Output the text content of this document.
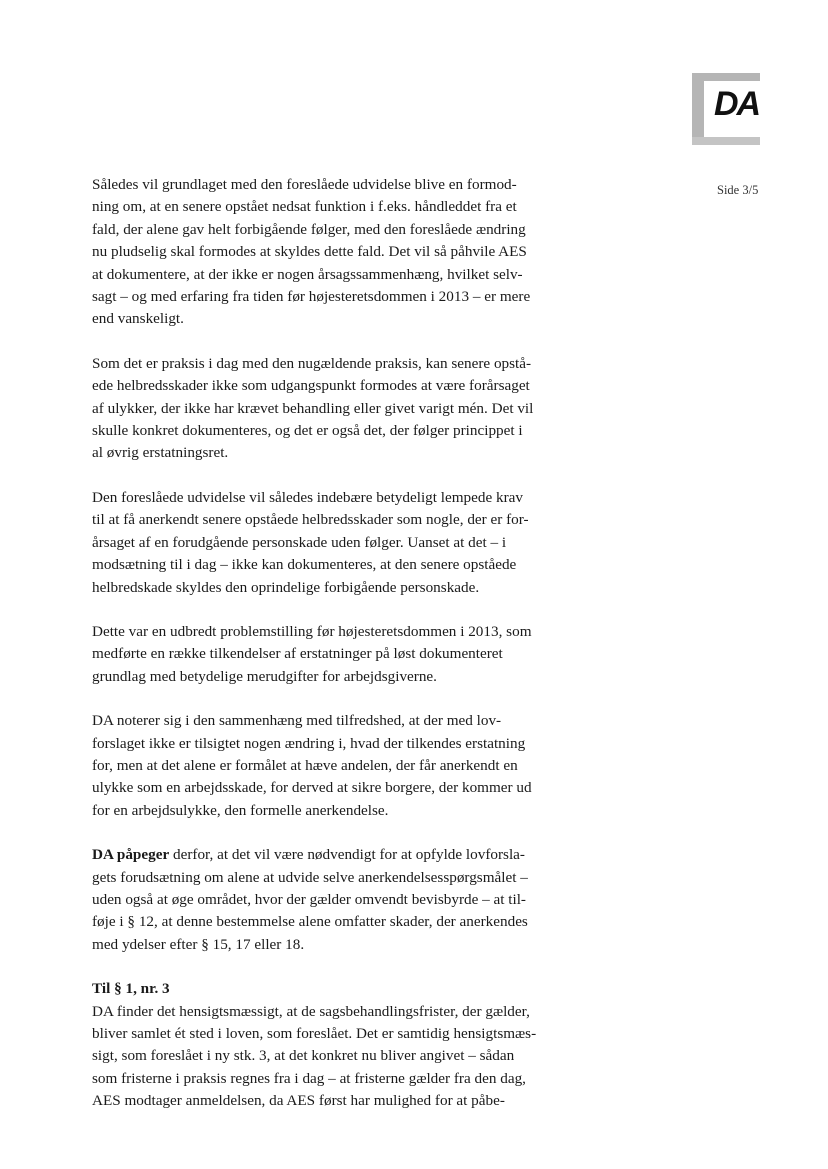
DA
Side 3/5

Således vil grundlaget med den foreslåede udvidelse blive en formod-
ning om, at en senere opstået nedsat funktion i f.eks. håndleddet fra et
fald, der alene gav helt forbigående følger, med den foreslåede ændring
nu pludselig skal formodes at skyldes dette fald. Det vil så påhvile AES
at dokumentere, at der ikke er nogen årsagssammenhæng, hvilket selv-
sagt – og med erfaring fra tiden før højesteretsdommen i 2013 – er mere
end vanskeligt.

Som det er praksis i dag med den nugældende praksis, kan senere opstå-
ede helbredsskader ikke som udgangspunkt formodes at være forårsaget
af ulykker, der ikke har krævet behandling eller givet varigt mén. Det vil
skulle konkret dokumenteres, og det er også det, der følger princippet i
al øvrig erstatningsret.

Den foreslåede udvidelse vil således indebære betydeligt lempede krav
til at få anerkendt senere opståede helbredsskader som nogle, der er for-
årsaget af en forudgående personskade uden følger. Uanset at det – i
modsætning til i dag – ikke kan dokumenteres, at den senere opståede
helbredskade skyldes den oprindelige forbigående personskade.

Dette var en udbredt problemstilling før højesteretsdommen i 2013, som
medførte en række tilkendelser af erstatninger på løst dokumenteret
grundlag med betydelige merudgifter for arbejdsgiverne.

DA noterer sig i den sammenhæng med tilfredshed, at der med lov-
forslaget ikke er tilsigtet nogen ændring i, hvad der tilkendes erstatning
for, men at det alene er formålet at hæve andelen, der får anerkendt en
ulykke som en arbejdsskade, for derved at sikre borgere, der kommer ud
for en arbejdsulykke, den formelle anerkendelse.

DA påpeger derfor, at det vil være nødvendigt for at opfylde lovforsla-
gets forudsætning om alene at udvide selve anerkendelsesspørgsmålet –
uden også at øge området, hvor der gælder omvendt bevisbyrde – at til-
føje i § 12, at denne bestemmelse alene omfatter skader, der anerkendes
med ydelser efter § 15, 17 eller 18.

Til § 1, nr. 3
DA finder det hensigtsmæssigt, at de sagsbehandlingsfrister, der gælder,
bliver samlet ét sted i loven, som foreslået. Det er samtidig hensigtsmæs-
sigt, som foreslået i ny stk. 3, at det konkret nu bliver angivet – sådan
som fristerne i praksis regnes fra i dag – at fristerne gælder fra den dag,
AES modtager anmeldelsen, da AES først har mulighed for at påbe-
